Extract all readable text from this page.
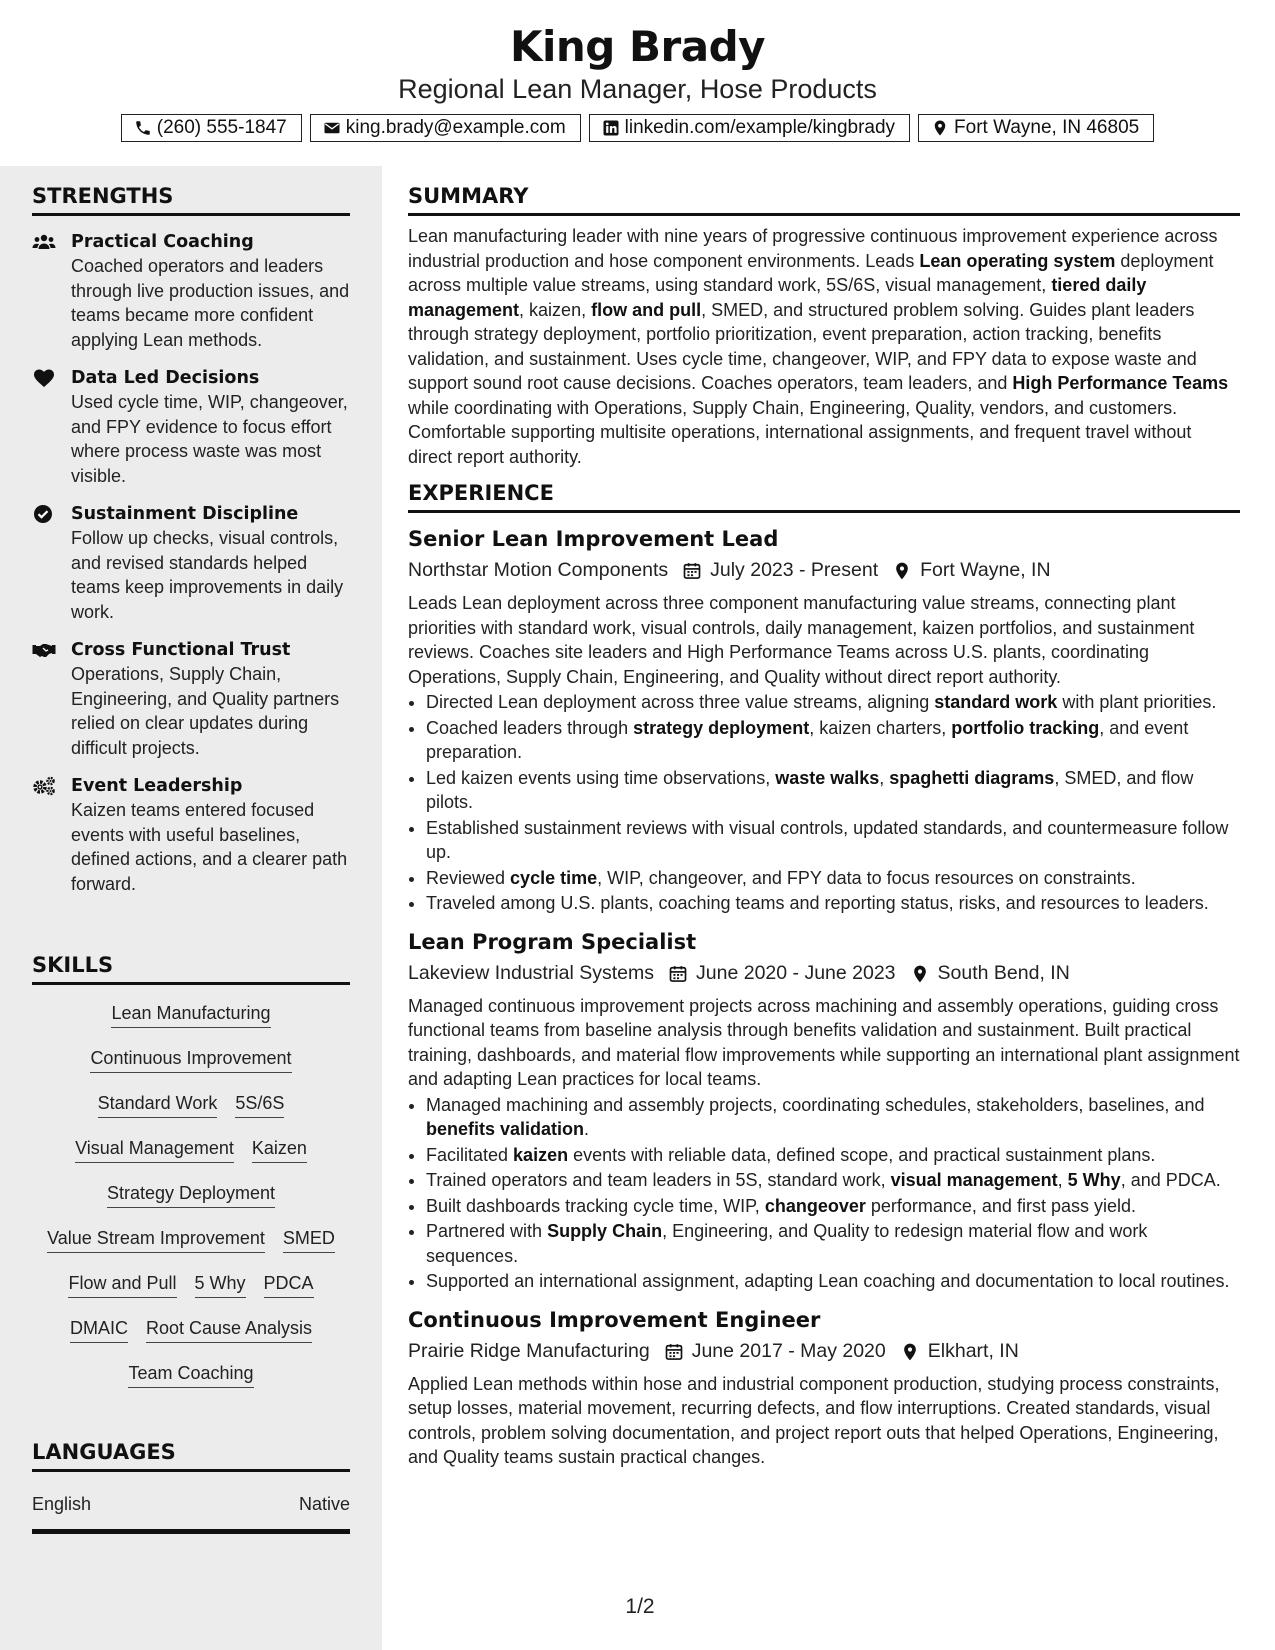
King Brady
Regional Lean Manager, Hose Products
(260) 555-1847	king.brady@example.com	linkedin.com/example/kingbrady	Fort Wayne, IN 46805
STRENGTHS
Practical Coaching
Coached operators and leaders through live production issues, and teams became more confident applying Lean methods.
Data Led Decisions
Used cycle time, WIP, changeover, and FPY evidence to focus effort where process waste was most visible.
Sustainment Discipline
Follow up checks, visual controls, and revised standards helped teams keep improvements in daily work.
Cross Functional Trust
Operations, Supply Chain, Engineering, and Quality partners relied on clear updates during difficult projects.
Event Leadership
Kaizen teams entered focused events with useful baselines, defined actions, and a clearer path forward.
SKILLS
Lean Manufacturing
Continuous Improvement
Standard Work 5S/6S
Visual Management Kaizen
Strategy Deployment
Value Stream Improvement SMED
Flow and Pull 5 Why PDCA
DMAIC Root Cause Analysis
Team Coaching
LANGUAGES
English	Native
SUMMARY
Lean manufacturing leader with nine years of progressive continuous improvement experience across industrial production and hose component environments. Leads Lean operating system deployment across multiple value streams, using standard work, 5S/6S, visual management, tiered daily management, kaizen, flow and pull, SMED, and structured problem solving. Guides plant leaders through strategy deployment, portfolio prioritization, event preparation, action tracking, benefits validation, and sustainment. Uses cycle time, changeover, WIP, and FPY data to expose waste and support sound root cause decisions. Coaches operators, team leaders, and High Performance Teams while coordinating with Operations, Supply Chain, Engineering, Quality, vendors, and customers. Comfortable supporting multisite operations, international assignments, and frequent travel without direct report authority.
EXPERIENCE
Senior Lean Improvement Lead
Northstar Motion Components July 2023 - Present Fort Wayne, IN
Leads Lean deployment across three component manufacturing value streams, connecting plant priorities with standard work, visual controls, daily management, kaizen portfolios, and sustainment reviews. Coaches site leaders and High Performance Teams across U.S. plants, coordinating Operations, Supply Chain, Engineering, and Quality without direct report authority.
• Directed Lean deployment across three value streams, aligning standard work with plant priorities.
• Coached leaders through strategy deployment, kaizen charters, portfolio tracking, and event preparation.
• Led kaizen events using time observations, waste walks, spaghetti diagrams, SMED, and flow pilots.
• Established sustainment reviews with visual controls, updated standards, and countermeasure follow up.
• Reviewed cycle time, WIP, changeover, and FPY data to focus resources on constraints.
• Traveled among U.S. plants, coaching teams and reporting status, risks, and resources to leaders.
Lean Program Specialist
Lakeview Industrial Systems June 2020 - June 2023 South Bend, IN
Managed continuous improvement projects across machining and assembly operations, guiding cross functional teams from baseline analysis through benefits validation and sustainment. Built practical training, dashboards, and material flow improvements while supporting an international plant assignment and adapting Lean practices for local teams.
• Managed machining and assembly projects, coordinating schedules, stakeholders, baselines, and benefits validation.
• Facilitated kaizen events with reliable data, defined scope, and practical sustainment plans.
• Trained operators and team leaders in 5S, standard work, visual management, 5 Why, and PDCA.
• Built dashboards tracking cycle time, WIP, changeover performance, and first pass yield.
• Partnered with Supply Chain, Engineering, and Quality to redesign material flow and work sequences.
• Supported an international assignment, adapting Lean coaching and documentation to local routines.
Continuous Improvement Engineer
Prairie Ridge Manufacturing June 2017 - May 2020 Elkhart, IN
Applied Lean methods within hose and industrial component production, studying process constraints, setup losses, material movement, recurring defects, and flow interruptions. Created standards, visual controls, problem solving documentation, and project report outs that helped Operations, Engineering, and Quality teams sustain practical changes.
1/2
